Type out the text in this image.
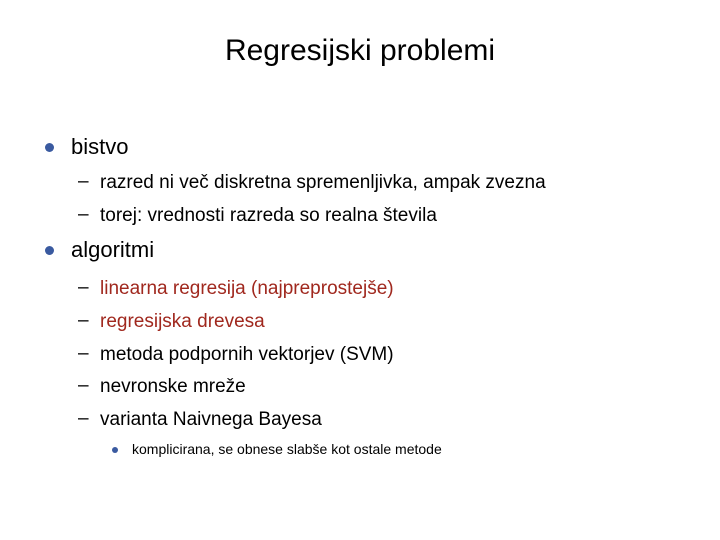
Regresijski problemi
bistvo
– razred ni več diskretna spremenljivka, ampak zvezna
– torej: vrednosti razreda so realna števila
algoritmi
– linearna regresija (najpreprostejše)
– regresijska drevesa
– metoda podpornih vektorjev (SVM)
– nevronske mreže
– varianta Naivnega Bayesa
komplicirana, se obnese slabše kot ostale metode
